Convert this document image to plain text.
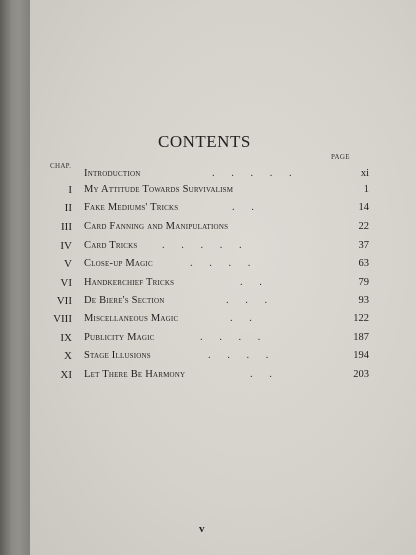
CONTENTS
CHAP.
PAGE
Introduction	. . . . .	xi
I My Attitude Towards Survivalism	1
II Fake Mediums' Tricks	. .	14
III Card Fanning and Manipulations	22
IV Card Tricks . . . . .	37
V Close-up Magic	. . . .	63
VI Handkerchief Tricks	. .	79
VII De Biere's Section	. . .	93
VIII Miscellaneous Magic	. .	122
IX Publicity Magic	. . . .	187
X Stage Illusions	. . . .	194
XI Let There Be Harmony	. .	203
v
